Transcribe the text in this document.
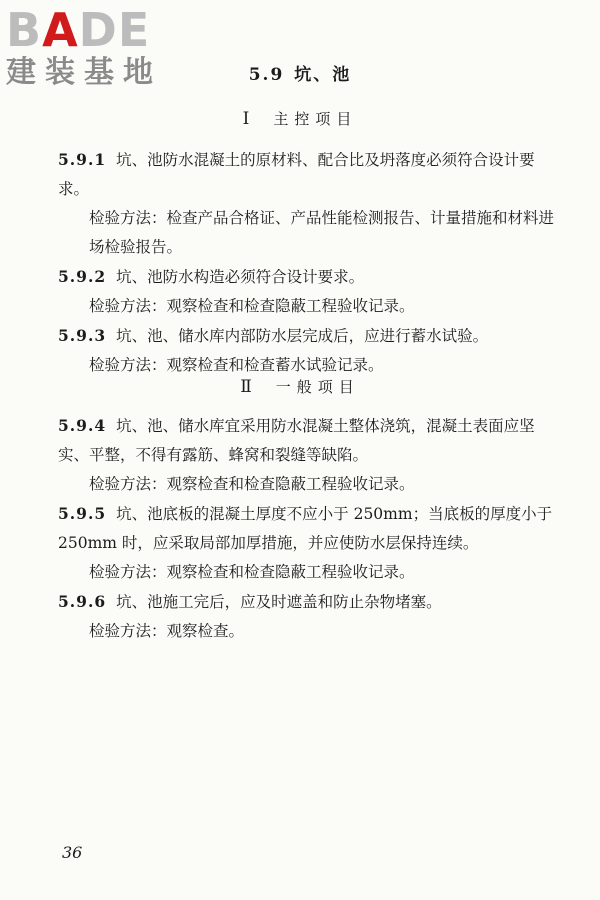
B A DE
建装基地	5.9 坑、池
Ⅰ 主控项目

5.9.1 坑、池防水混凝土的原材料、配合比及坍落度必须符合设计要求。

检验方法：检查产品合格证、产品性能检测报告、计量措施和材料进场检验报告。

5.9.2 坑、池防水构造必须符合设计要求。

检验方法：观察检查和检查隐蔽工程验收记录。

5.9.3 坑、池、储水库内部防水层完成后，应进行蓄水试验。

检验方法：观察检查和检查蓄水试验记录。

Ⅱ 一般项目

5.9.4 坑、池、储水库宜采用防水混凝土整体浇筑，混凝土表面应坚实、平整，不得有露筋、蜂窝和裂缝等缺陷。

检验方法：观察检查和检查隐蔽工程验收记录。

5.9.5 坑、池底板的混凝土厚度不应小于 250mm；当底板的厚度小于 250mm 时，应采取局部加厚措施，并应使防水层保持连续。

检验方法：观察检查和检查隐蔽工程验收记录。

5.9.6 坑、池施工完后，应及时遮盖和防止杂物堵塞。

检验方法：观察检查。

36
